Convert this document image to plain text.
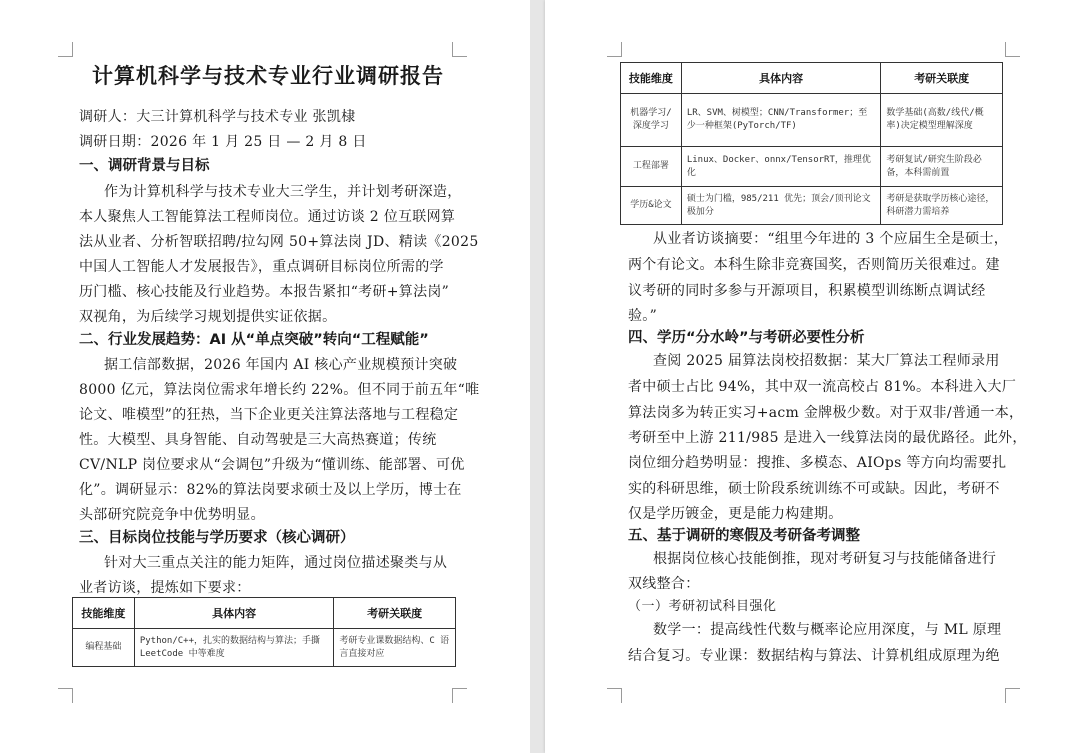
计算机科学与技术专业行业调研报告
调研人：大三计算机科学与技术专业 张凯棣
调研日期：2026 年 1 月 25 日 — 2 月 8 日
一、调研背景与目标
作为计算机科学与技术专业大三学生，并计划考研深造，
本人聚焦人工智能算法工程师岗位。通过访谈 2 位互联网算
法从业者、分析智联招聘/拉勾网 50+算法岗 JD、精读《2025
中国人工智能人才发展报告》，重点调研目标岗位所需的学
历门槛、核心技能及行业趋势。本报告紧扣“考研+算法岗”
双视角，为后续学习规划提供实证依据。
二、行业发展趋势：AI 从“单点突破”转向“工程赋能”
据工信部数据，2026 年国内 AI 核心产业规模预计突破
8000 亿元，算法岗位需求年增长约 22%。但不同于前五年“唯
论文、唯模型”的狂热，当下企业更关注算法落地与工程稳定
性。大模型、具身智能、自动驾驶是三大高热赛道；传统
CV/NLP 岗位要求从“会调包”升级为“懂训练、能部署、可优
化”。调研显示：82%的算法岗要求硕士及以上学历，博士在
头部研究院竞争中优势明显。
三、目标岗位技能与学历要求（核心调研）
针对大三重点关注的能力矩阵，通过岗位描述聚类与从
业者访谈，提炼如下要求：
技能维度	具体内容	考研关联度
编程基础	Python/C++，扎实的数据结构与算法；手撕 LeetCode 中等难度	考研专业课数据结构、C 语言直接对应
技能维度	具体内容	考研关联度
机器学习/深度学习	LR、SVM、树模型；CNN/Transformer；至少一种框架(PyTorch/TF)	数学基础(高数/线代/概率)决定模型理解深度
工程部署	Linux、Docker、onnx/TensorRT，推理优化	考研复试/研究生阶段必备，本科需前置
学历&论文	硕士为门槛，985/211 优先；顶会/顶刊论文极加分	考研是获取学历核心途径，科研潜力需培养
从业者访谈摘要：“组里今年进的 3 个应届生全是硕士，
两个有论文。本科生除非竞赛国奖，否则简历关很难过。建
议考研的同时多参与开源项目，积累模型训练断点调试经
验。”
四、学历“分水岭”与考研必要性分析
查阅 2025 届算法岗校招数据：某大厂算法工程师录用
者中硕士占比 94%，其中双一流高校占 81%。本科进入大厂
算法岗多为转正实习+acm 金牌极少数。对于双非/普通一本，
考研至中上游 211/985 是进入一线算法岗的最优路径。此外，
岗位细分趋势明显：搜推、多模态、AIOps 等方向均需要扎
实的科研思维，硕士阶段系统训练不可或缺。因此，考研不
仅是学历镀金，更是能力构建期。
五、基于调研的寒假及考研备考调整
根据岗位核心技能倒推，现对考研复习与技能储备进行
双线整合：
（一）考研初试科目强化
数学一：提高线性代数与概率论应用深度，与 ML 原理
结合复习。专业课：数据结构与算法、计算机组成原理为绝
